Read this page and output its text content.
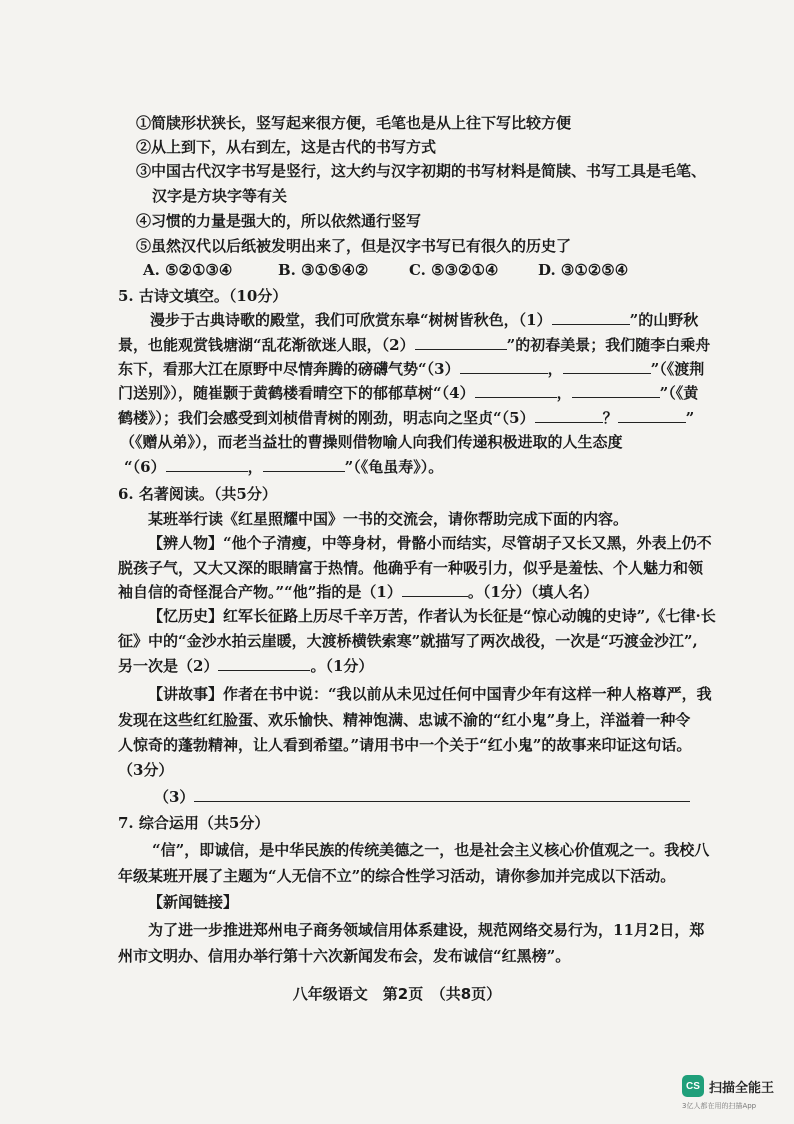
①简牍形状狭长，竖写起来很方便，毛笔也是从上往下写比较方便
②从上到下，从右到左，这是古代的书写方式
③中国古代汉字书写是竖行，这大约与汉字初期的书写材料是简牍、书写工具是毛笔、
汉字是方块字等有关
④习惯的力量是强大的，所以依然通行竖写
⑤虽然汉代以后纸被发明出来了，但是汉字书写已有很久的历史了
A. ⑤②①③④	B. ③①⑤④②	C. ⑤③②①④	D. ③①②⑤④
5. 古诗文填空。（10分）
漫步于古典诗歌的殿堂，我们可欣赏东皋“树树皆秋色，（1）	”的山野秋
景，也能观赏钱塘湖“乱花渐欲迷人眼，（2）	”的初春美景；我们随李白乘舟
东下，看那大江在原野中尽情奔腾的磅礴气势“（3）	，	”（《渡荆
门送别》），随崔颢于黄鹤楼看晴空下的郁郁草树“（4）	，	”（《黄
鹤楼》）；我们会感受到刘桢借青树的刚劲，明志向之坚贞“（5）	？	”
（《赠从弟》），而老当益壮的曹操则借物喻人向我们传递积极进取的人生态度
“（6）	，	”（《龟虽寿》）。
6. 名著阅读。（共5分）
某班举行读《红星照耀中国》一书的交流会，请你帮助完成下面的内容。
【辨人物】“他个子清瘦，中等身材，骨骼小而结实，尽管胡子又长又黑，外表上仍不
脱孩子气，又大又深的眼睛富于热情。他确乎有一种吸引力，似乎是羞怯、个人魅力和领
袖自信的奇怪混合产物。”“他”指的是（1）	。（1分）（填人名）
【忆历史】红军长征路上历尽千辛万苦，作者认为长征是“惊心动魄的史诗”,《七律·长
征》中的“金沙水拍云崖暖，大渡桥横铁索寒”就描写了两次战役，一次是“巧渡金沙江”,
另一次是（2）	。（1分）
【讲故事】作者在书中说：“我以前从未见过任何中国青少年有这样一种人格尊严，我
发现在这些红红脸蛋、欢乐愉快、精神饱满、忠诚不渝的“红小鬼”身上，洋溢着一种令
人惊奇的蓬勃精神，让人看到希望。”请用书中一个关于“红小鬼”的故事来印证这句话。
（3分）
（3）
7. 综合运用（共5分）
“信”，即诚信，是中华民族的传统美德之一，也是社会主义核心价值观之一。我校八
年级某班开展了主题为“人无信不立”的综合性学习活动，请你参加并完成以下活动。
【新闻链接】
为了进一步推进郑州电子商务领域信用体系建设，规范网络交易行为，11月2日，郑
州市文明办、信用办举行第十六次新闻发布会，发布诚信“红黑榜”。
八年级语文　第2页　（共8页）
CS 扫描全能王
3亿人都在用的扫描App
